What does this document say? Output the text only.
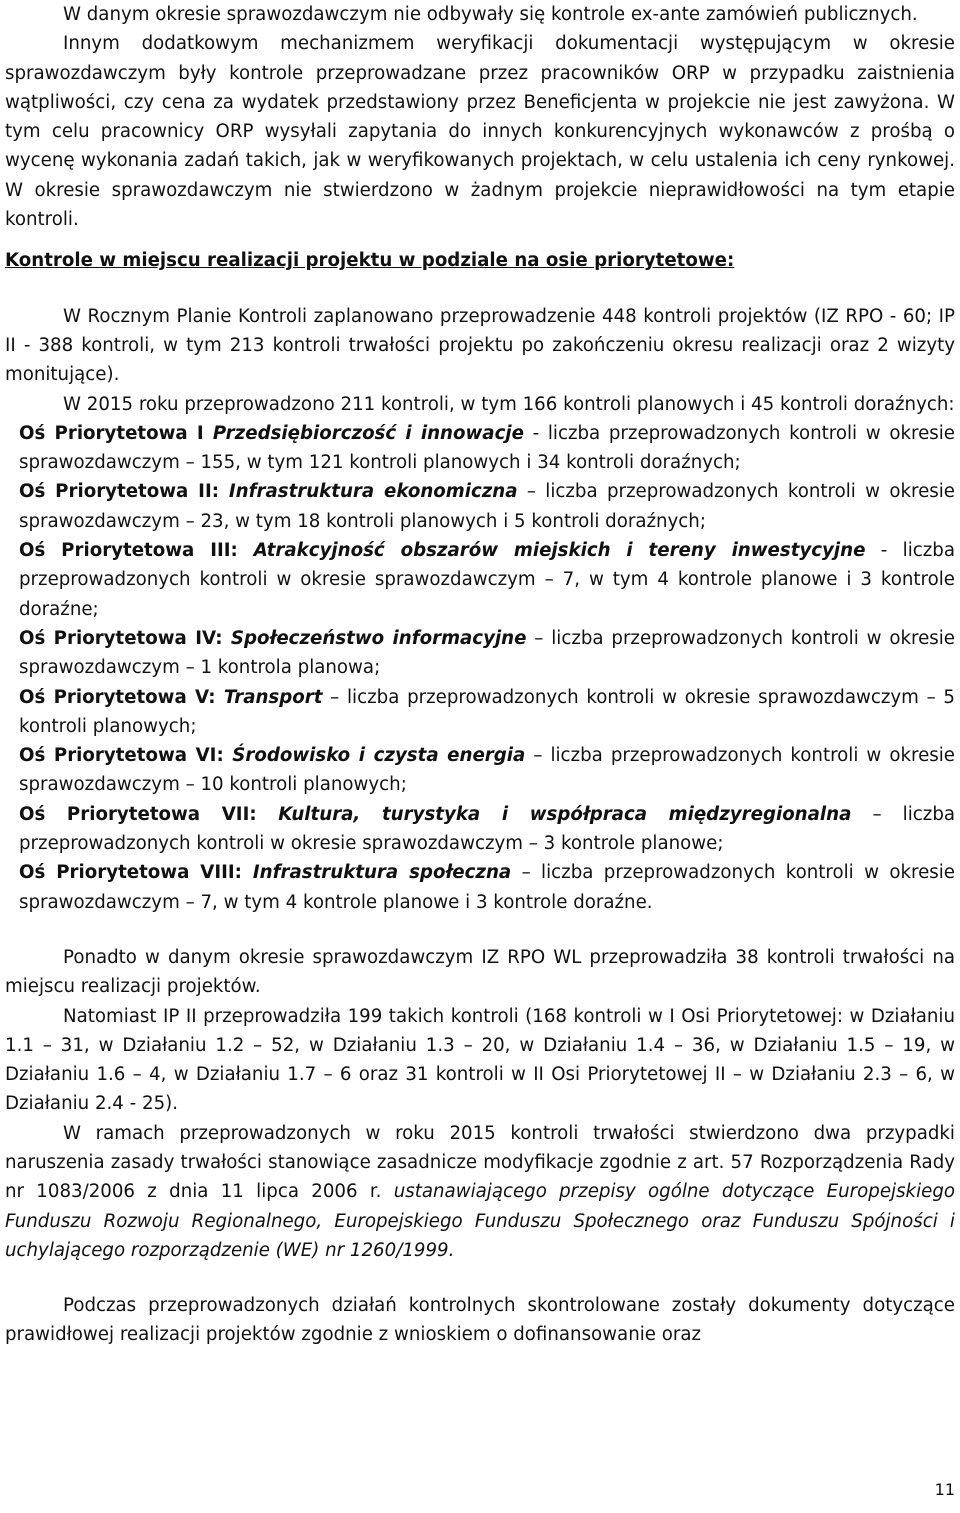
W danym okresie sprawozdawczym nie odbywały się kontrole ex-ante zamówień publicznych.

Innym dodatkowym mechanizmem weryfikacji dokumentacji występującym w okresie sprawozdawczym były kontrole przeprowadzane przez pracowników ORP w przypadku zaistnienia wątpliwości, czy cena za wydatek przedstawiony przez Beneficjenta w projekcie nie jest zawyżona. W tym celu pracownicy ORP wysyłali zapytania do innych konkurencyjnych wykonawców z prośbą o wycenę wykonania zadań takich, jak w weryfikowanych projektach, w celu ustalenia ich ceny rynkowej. W okresie sprawozdawczym nie stwierdzono w żadnym projekcie nieprawidłowości na tym etapie kontroli.

Kontrole w miejscu realizacji projektu w podziale na osie priorytetowe:

W Rocznym Planie Kontroli zaplanowano przeprowadzenie 448 kontroli projektów (IZ RPO - 60; IP II - 388 kontroli, w tym 213 kontroli trwałości projektu po zakończeniu okresu realizacji oraz 2 wizyty monitujące).

W 2015 roku przeprowadzono 211 kontroli, w tym 166 kontroli planowych i 45 kontroli doraźnych:

Oś Priorytetowa I Przedsiębiorczość i innowacje - liczba przeprowadzonych kontroli w okresie sprawozdawczym – 155, w tym 121 kontroli planowych i 34 kontroli doraźnych;

Oś Priorytetowa II: Infrastruktura ekonomiczna – liczba przeprowadzonych kontroli w okresie sprawozdawczym – 23, w tym 18 kontroli planowych i 5 kontroli doraźnych;

Oś Priorytetowa III: Atrakcyjność obszarów miejskich i tereny inwestycyjne - liczba przeprowadzonych kontroli w okresie sprawozdawczym – 7, w tym 4 kontrole planowe i 3 kontrole doraźne;

Oś Priorytetowa IV: Społeczeństwo informacyjne – liczba przeprowadzonych kontroli w okresie sprawozdawczym – 1 kontrola planowa;

Oś Priorytetowa V: Transport – liczba przeprowadzonych kontroli w okresie sprawozdawczym – 5 kontroli planowych;

Oś Priorytetowa VI: Środowisko i czysta energia – liczba przeprowadzonych kontroli w okresie sprawozdawczym – 10 kontroli planowych;

Oś Priorytetowa VII: Kultura, turystyka i współpraca międzyregionalna – liczba przeprowadzonych kontroli w okresie sprawozdawczym – 3 kontrole planowe;

Oś Priorytetowa VIII: Infrastruktura społeczna – liczba przeprowadzonych kontroli w okresie sprawozdawczym – 7, w tym 4 kontrole planowe i 3 kontrole doraźne.

Ponadto w danym okresie sprawozdawczym IZ RPO WL przeprowadziła 38 kontroli trwałości na miejscu realizacji projektów.

Natomiast IP II przeprowadziła 199 takich kontroli (168 kontroli w I Osi Priorytetowej: w Działaniu 1.1 – 31, w Działaniu 1.2 – 52, w Działaniu 1.3 – 20, w Działaniu 1.4 – 36, w Działaniu 1.5 – 19, w Działaniu 1.6 – 4, w Działaniu 1.7 – 6 oraz 31 kontroli w II Osi Priorytetowej II – w Działaniu 2.3 – 6, w Działaniu 2.4 - 25).

W ramach przeprowadzonych w roku 2015 kontroli trwałości stwierdzono dwa przypadki naruszenia zasady trwałości stanowiące zasadnicze modyfikacje zgodnie z art. 57 Rozporządzenia Rady nr 1083/2006 z dnia 11 lipca 2006 r. ustanawiającego przepisy ogólne dotyczące Europejskiego Funduszu Rozwoju Regionalnego, Europejskiego Funduszu Społecznego oraz Funduszu Spójności i uchylającego rozporządzenie (WE) nr 1260/1999.

Podczas przeprowadzonych działań kontrolnych skontrolowane zostały dokumenty dotyczące prawidłowej realizacji projektów zgodnie z wnioskiem o dofinansowanie oraz

11
